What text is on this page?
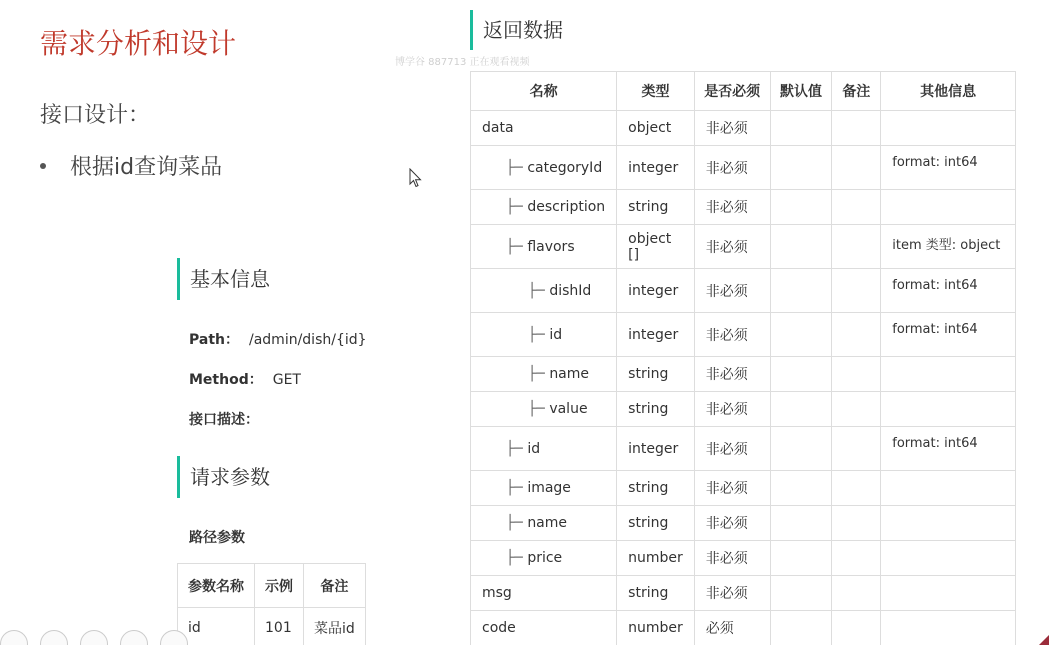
需求分析和设计
博学谷 887713 正在观看视频
接口设计：
根据id查询菜品
基本信息
Path： /admin/dish/{id}
Method： GET
接口描述：
请求参数
路径参数
参数名称	示例	备注
id	101	菜品id
返回数据
名称	类型	是否必须	默认值	备注	其他信息
data	object	非必须			
├─ categoryId	integer	非必须			format: int64
├─ description	string	非必须			
├─ flavors	object []	非必须			item 类型: object
├─ dishId	integer	非必须			format: int64
├─ id	integer	非必须			format: int64
├─ name	string	非必须			
├─ value	string	非必须			
├─ id	integer	非必须			format: int64
├─ image	string	非必须			
├─ name	string	非必须			
├─ price	number	非必须			
msg	string	非必须			
code	number	必须			
